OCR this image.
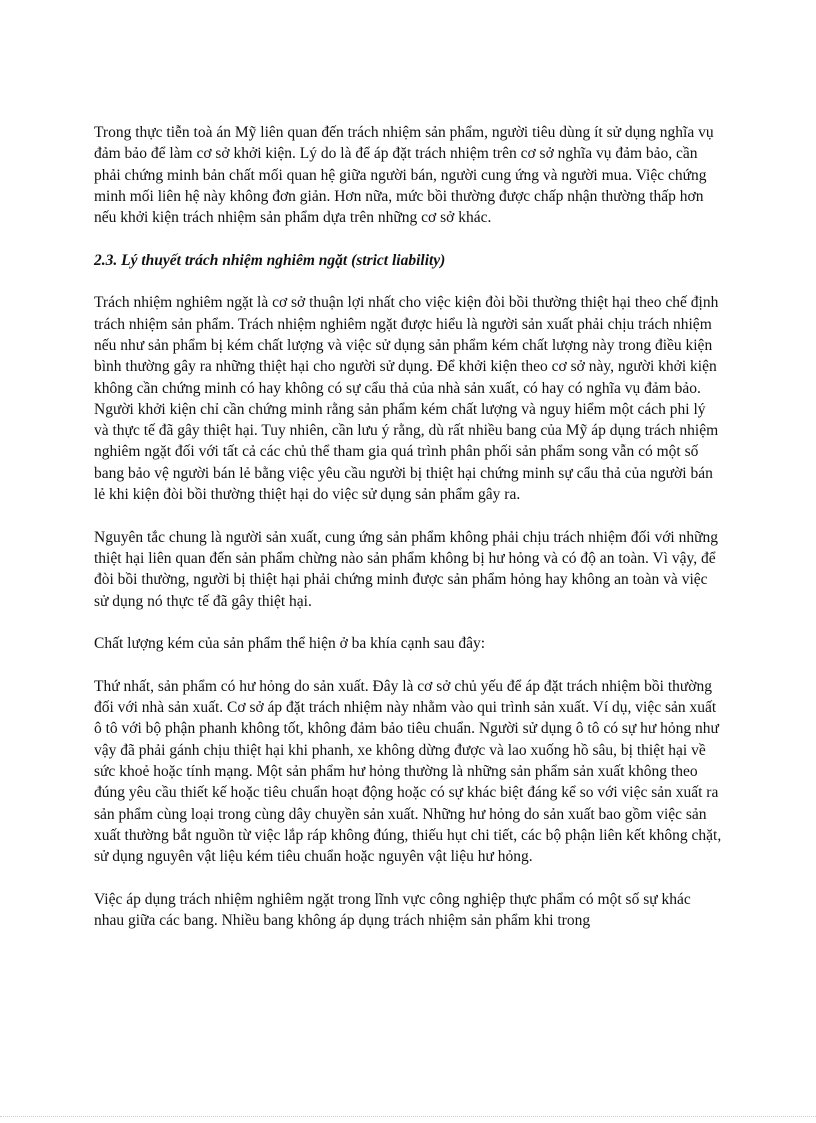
Trong thực tiễn toà án Mỹ liên quan đến trách nhiệm sản phẩm, người tiêu dùng ít sử dụng nghĩa vụ đảm bảo để làm cơ sở khởi kiện. Lý do là để áp đặt trách nhiệm trên cơ sở nghĩa vụ đảm bảo, cần phải chứng minh bản chất mối quan hệ giữa người bán, người cung ứng và người mua. Việc chứng minh mối liên hệ này không đơn giản. Hơn nữa, mức bồi thường được chấp nhận thường thấp hơn nếu khởi kiện trách nhiệm sản phẩm dựa trên những cơ sở khác.

2.3. Lý thuyết trách nhiệm nghiêm ngặt (strict liability)

Trách nhiệm nghiêm ngặt là cơ sở thuận lợi nhất cho việc kiện đòi bồi thường thiệt hại theo chế định trách nhiệm sản phẩm. Trách nhiệm nghiêm ngặt được hiểu là người sản xuất phải chịu trách nhiệm nếu như sản phẩm bị kém chất lượng và việc sử dụng sản phẩm kém chất lượng này trong điều kiện bình thường gây ra những thiệt hại cho người sử dụng. Để khởi kiện theo cơ sở này, người khởi kiện không cần chứng minh có hay không có sự cẩu thả của nhà sản xuất, có hay có nghĩa vụ đảm bảo. Người khởi kiện chỉ cần chứng minh rằng sản phẩm kém chất lượng và nguy hiểm một cách phi lý và thực tế đã gây thiệt hại. Tuy nhiên, cần lưu ý rằng, dù rất nhiều bang của Mỹ áp dụng trách nhiệm nghiêm ngặt đối với tất cả các chủ thể tham gia quá trình phân phối sản phẩm song vẫn có một số bang bảo vệ người bán lẻ bằng việc yêu cầu người bị thiệt hại chứng minh sự cẩu thả của người bán lẻ khi kiện đòi bồi thường thiệt hại do việc sử dụng sản phẩm gây ra.

Nguyên tắc chung là người sản xuất, cung ứng sản phẩm không phải chịu trách nhiệm đối với những thiệt hại liên quan đến sản phẩm chừng nào sản phẩm không bị hư hỏng và có độ an toàn. Vì vậy, để đòi bồi thường, người bị thiệt hại phải chứng minh được sản phẩm hỏng hay không an toàn và việc sử dụng nó thực tế đã gây thiệt hại.

Chất lượng kém của sản phẩm thể hiện ở ba khía cạnh sau đây:

Thứ nhất, sản phẩm có hư hỏng do sản xuất. Đây là cơ sở chủ yếu để áp đặt trách nhiệm bồi thường đối với nhà sản xuất. Cơ sở áp đặt trách nhiệm này nhằm vào qui trình sản xuất. Ví dụ, việc sản xuất ô tô với bộ phận phanh không tốt, không đảm bảo tiêu chuẩn. Người sử dụng ô tô có sự hư hỏng như vậy đã phải gánh chịu thiệt hại khi phanh, xe không dừng được và lao xuống hồ sâu, bị thiệt hại về sức khoẻ hoặc tính mạng. Một sản phẩm hư hỏng thường là những sản phẩm sản xuất không theo đúng yêu cầu thiết kế hoặc tiêu chuẩn hoạt động hoặc có sự khác biệt đáng kể so với việc sản xuất ra sản phẩm cùng loại trong cùng dây chuyền sản xuất. Những hư hỏng do sản xuất bao gồm việc sản xuất thường bắt nguồn từ việc lắp ráp không đúng, thiếu hụt chi tiết, các bộ phận liên kết không chặt, sử dụng nguyên vật liệu kém tiêu chuẩn hoặc nguyên vật liệu hư hỏng.

Việc áp dụng trách nhiệm nghiêm ngặt trong lĩnh vực công nghiệp thực phẩm có một số sự khác nhau giữa các bang. Nhiều bang không áp dụng trách nhiệm sản phẩm khi trong
